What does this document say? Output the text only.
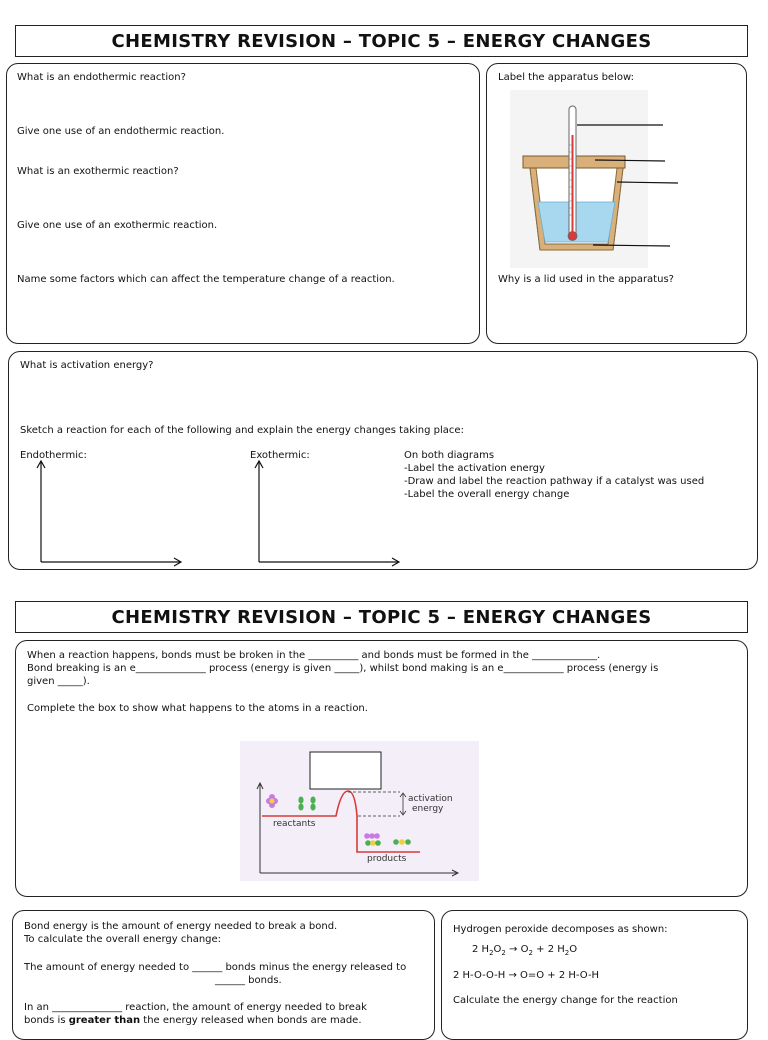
CHEMISTRY REVISION – TOPIC 5 – ENERGY CHANGES
What is an endothermic reaction?
Give one use of an endothermic reaction.
What is an exothermic reaction?
Give one use of an exothermic reaction.
Name some factors which can affect the temperature change of a reaction.
Label the apparatus below:
Why is a lid used in the apparatus?
What is activation energy?
Sketch a reaction for each of the following and explain the energy changes taking place:
Endothermic:	Exothermic:	On both diagrams
-Label the activation energy
-Draw and label the reaction pathway if a catalyst was used
-Label the overall energy change
CHEMISTRY REVISION – TOPIC 5 – ENERGY CHANGES
When a reaction happens, bonds must be broken in the __________ and bonds must be formed in the _____________.
Bond breaking is an e______________ process (energy is given _____), whilst bond making is an e____________ process (energy is
given _____).
Complete the box to show what happens to the atoms in a reaction.
activation
energy
reactants
products
Bond energy is the amount of energy needed to break a bond.
To calculate the overall energy change:
The amount of energy needed to ______ bonds minus the energy released to
______ bonds.
In an ______________ reaction, the amount of energy needed to break
bonds is greater than the energy released when bonds are made.
Hydrogen peroxide decomposes as shown:
2 $H_2O_2 \to O_2 + 2$ $H_2O$
2 H-O-O-H → O=O + 2 H-O-H
Calculate the energy change for the reaction
